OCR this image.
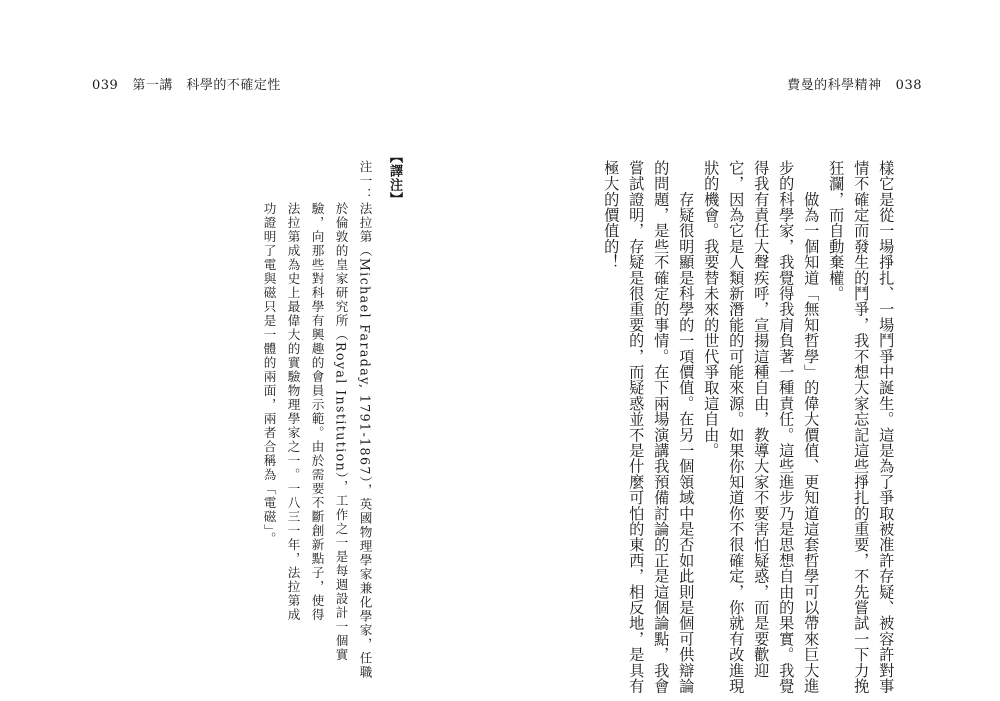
039 第一講　科學的不確定性	費曼的科學精神 038
樣它是從一場掙扎、一場鬥爭中誕生。這是為了爭取被准許存疑、被容許對事
情不確定而發生的鬥爭，我不想大家忘記這些掙扎的重要，不先嘗試一下力挽
狂瀾，而自動棄權。
　　做為一個知道「無知哲學」的偉大價值、更知道這套哲學可以帶來巨大進
步的科學家，我覺得我肩負著一種責任。這些進步乃是思想自由的果實。我覺
得我有責任大聲疾呼，宣揚這種自由，教導大家不要害怕疑惑，而是要歡迎
它，因為它是人類新潛能的可能來源。如果你知道你不很確定，你就有改進現
狀的機會。我要替未來的世代爭取這自由。
　　存疑很明顯是科學的一項價值。在另一個領域中是否如此則是個可供辯論
的問題，是些不確定的事情。在下兩場演講我預備討論的正是這個論點，我會
嘗試證明，存疑是很重要的，而疑惑並不是什麼可怕的東西，相反地，是具有
極大的價值的！
【譯注】
注一：法拉第（Michael Faraday, 1791-1867），英國物理學家兼化學家，任職
　　　於倫敦的皇家研究所（Royal Institution），工作之一是每週設計一個實
　　　驗，向那些對科學有興趣的會員示範。由於需要不斷創新點子，使得
　　　法拉第成為史上最偉大的實驗物理學家之一。一八三一年，法拉第成
　　　功證明了電與磁只是一體的兩面，兩者合稱為「電磁」。
